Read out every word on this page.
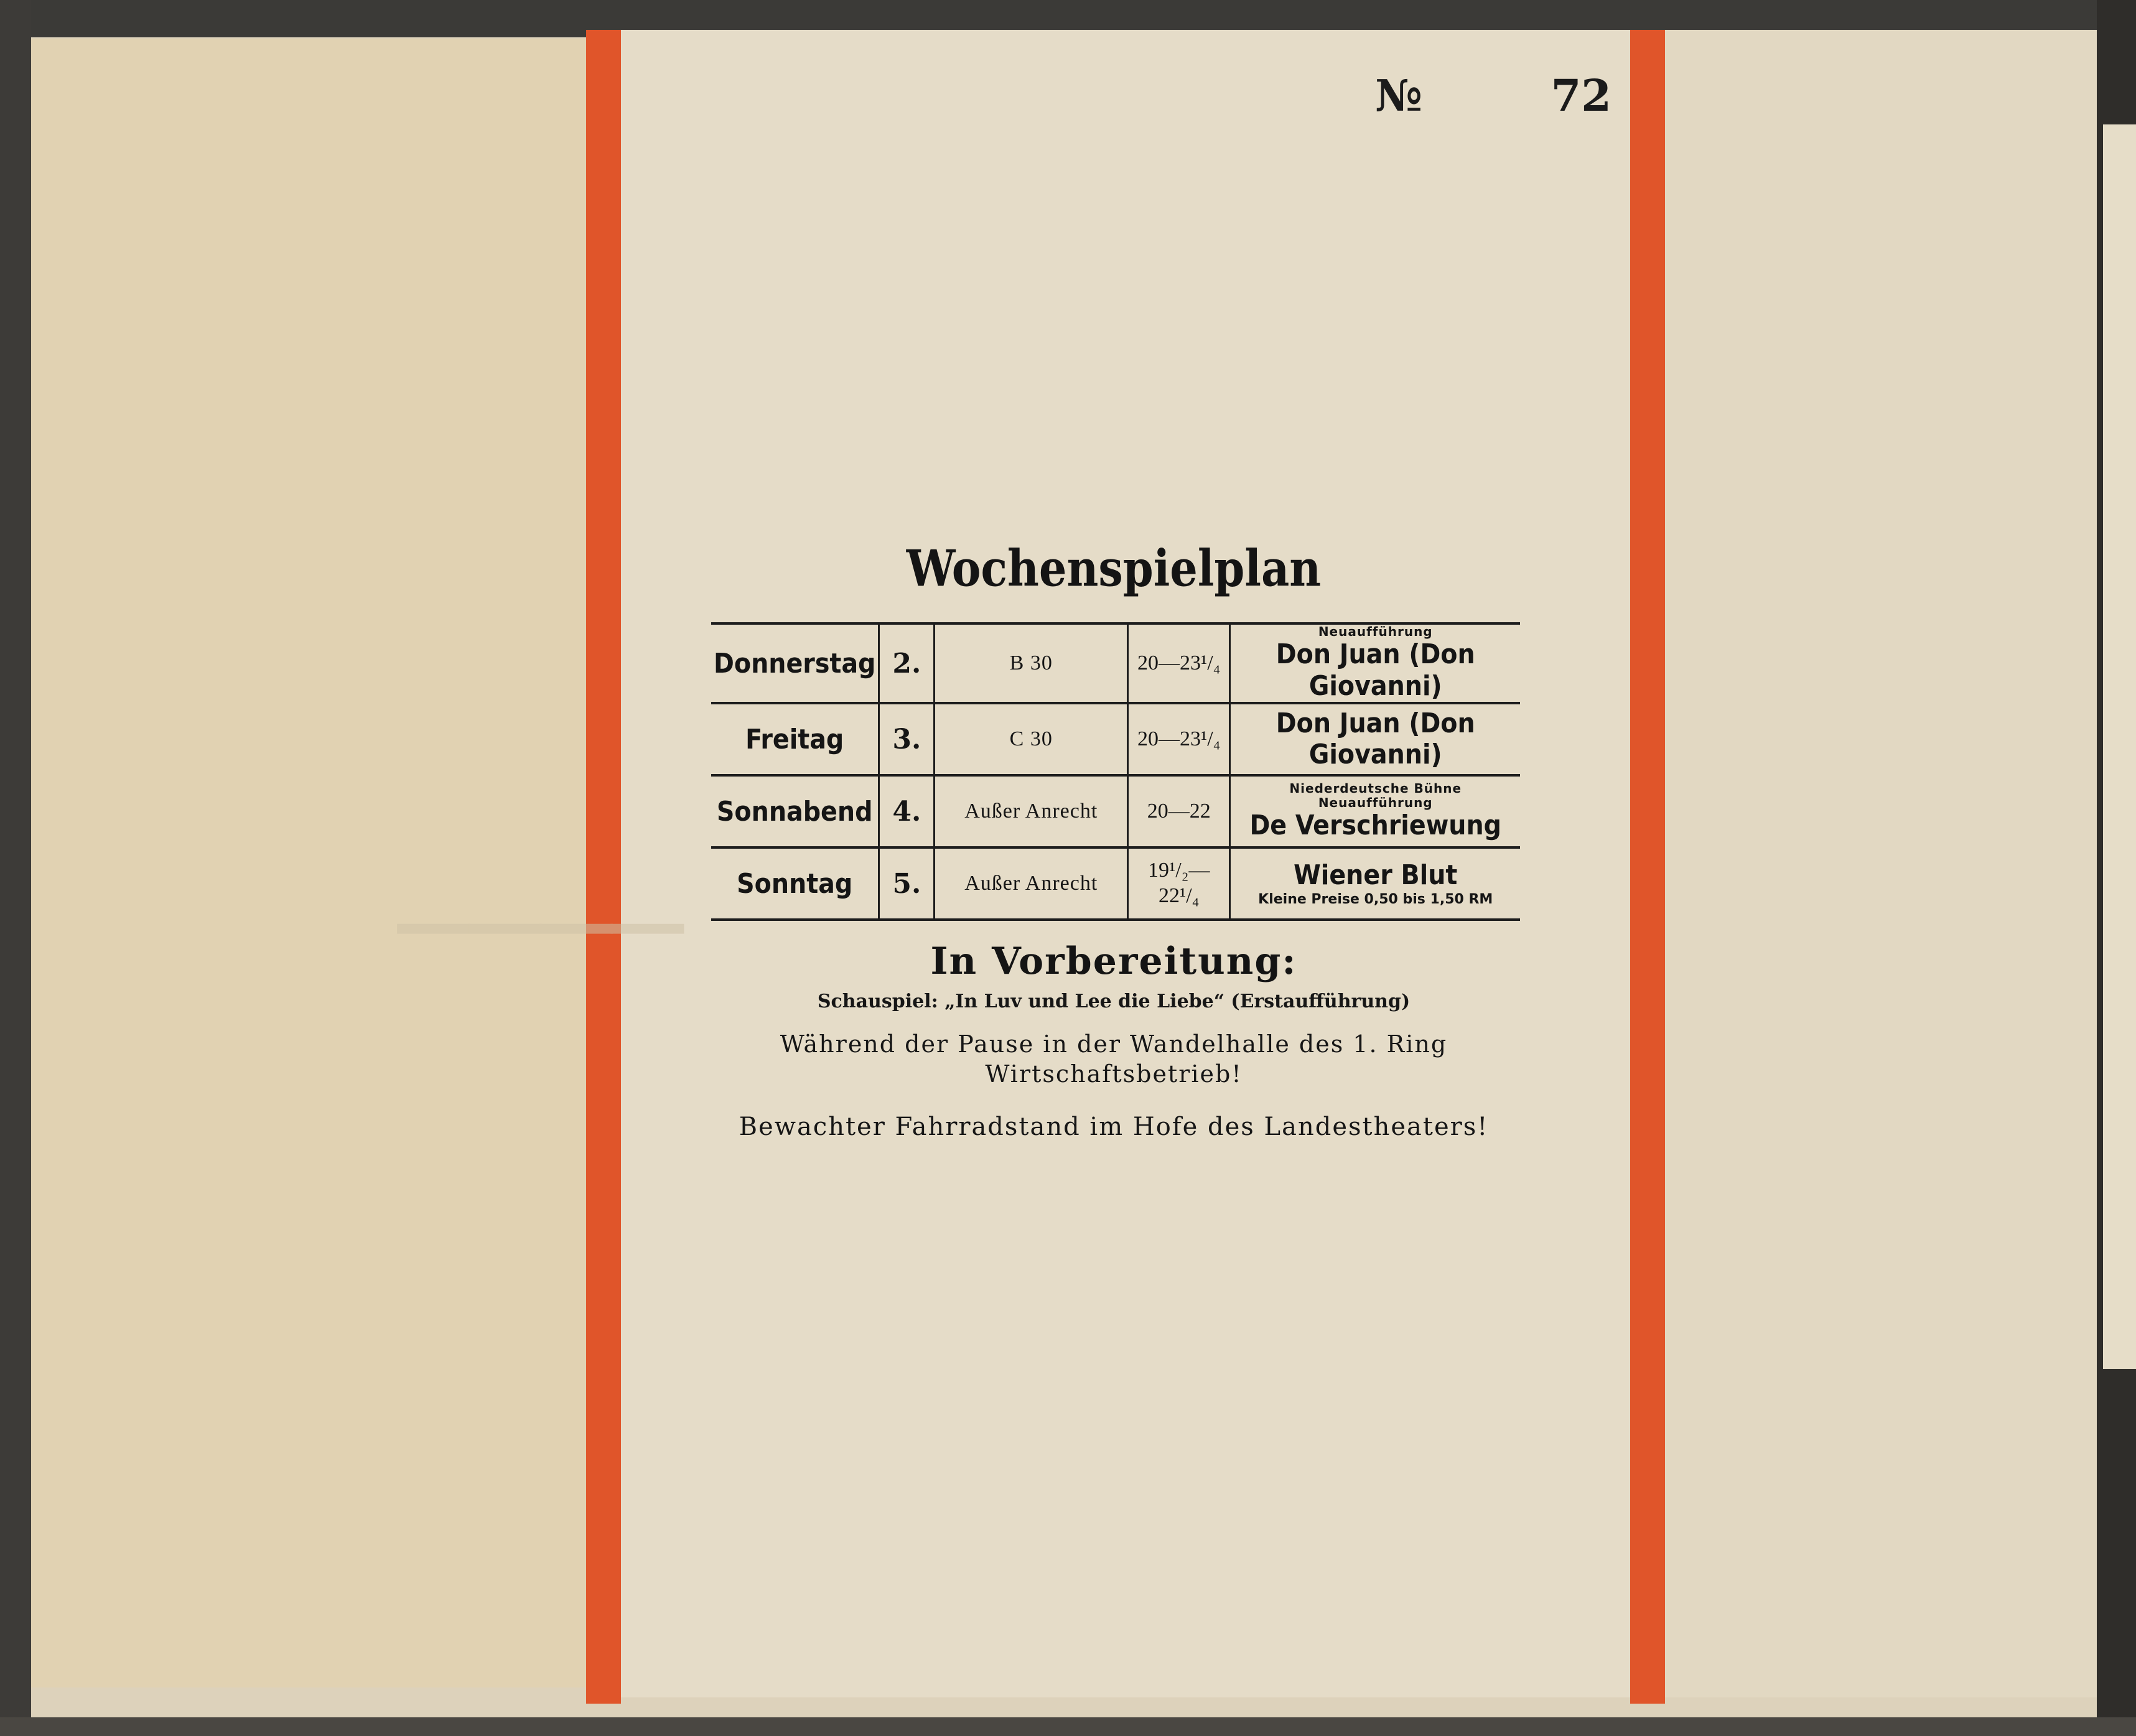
────
№	72
Wochenspielplan
Donnerstag	2.	B 30	20—23¹/₄	Neuaufführung
Don Juan (Don Giovanni)

Freitag	3.	C 30	20—23¹/₄	Don Juan (Don Giovanni)

Sonnabend	4.	Außer Anrecht	20—22	Niederdeutsche Bühne
Neuaufführung
De Verschriewung

Sonntag	5.	Außer Anrecht	19¹/₂— 22¹/₄	Wiener Blut
Kleine Preise 0,50 bis 1,50 RM
In Vorbereitung:
Schauspiel: „In Luv und Lee die Liebe“ (Erstaufführung)
Während der Pause in der Wandelhalle des 1. Ring
Wirtschaftsbetrieb!
Bewachter Fahrradstand im Hofe des Landestheaters!
